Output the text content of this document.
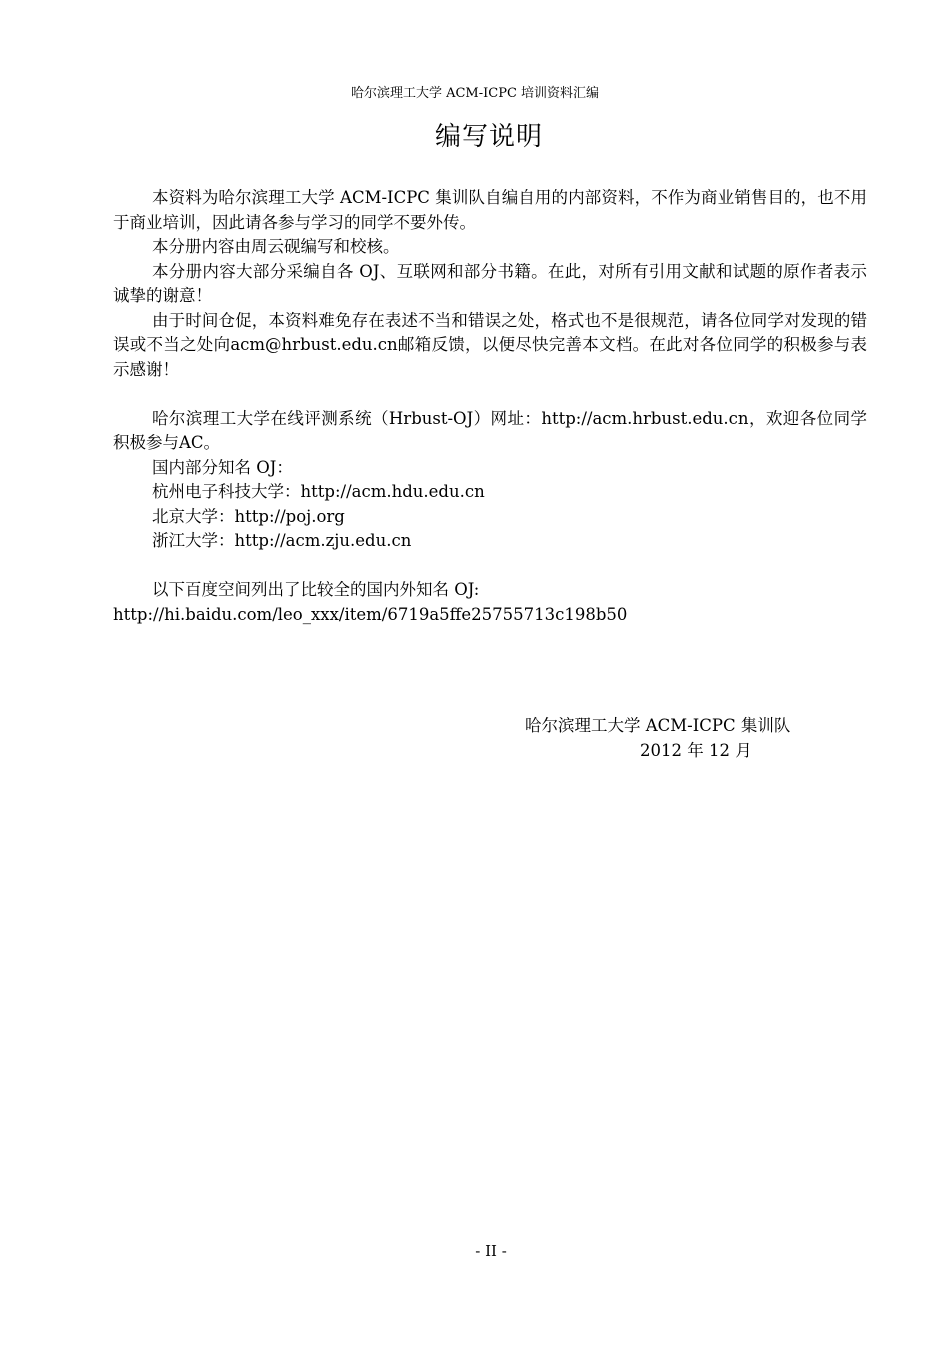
哈尔滨理工大学 ACM-ICPC 培训资料汇编
编写说明

本资料为哈尔滨理工大学 ACM-ICPC 集训队自编自用的内部资料，不作为商业销售目的，也不用于商业培训，因此请各参与学习的同学不要外传。

本分册内容由周云砚编写和校核。

本分册内容大部分采编自各 OJ、互联网和部分书籍。在此，对所有引用文献和试题的原作者表示诚挚的谢意！

由于时间仓促，本资料难免存在表述不当和错误之处，格式也不是很规范，请各位同学对发现的错误或不当之处向acm@hrbust.edu.cn邮箱反馈，以便尽快完善本文档。在此对各位同学的积极参与表示感谢！

哈尔滨理工大学在线评测系统（Hrbust-OJ）网址：http://acm.hrbust.edu.cn，欢迎各位同学积极参与AC。

国内部分知名 OJ：

杭州电子科技大学：http://acm.hdu.edu.cn

北京大学：http://poj.org

浙江大学：http://acm.zju.edu.cn

以下百度空间列出了比较全的国内外知名 OJ:

http://hi.baidu.com/leo_xxx/item/6719a5ffe25755713c198b50

哈尔滨理工大学 ACM-ICPC 集训队
2012 年 12 月
- II -
